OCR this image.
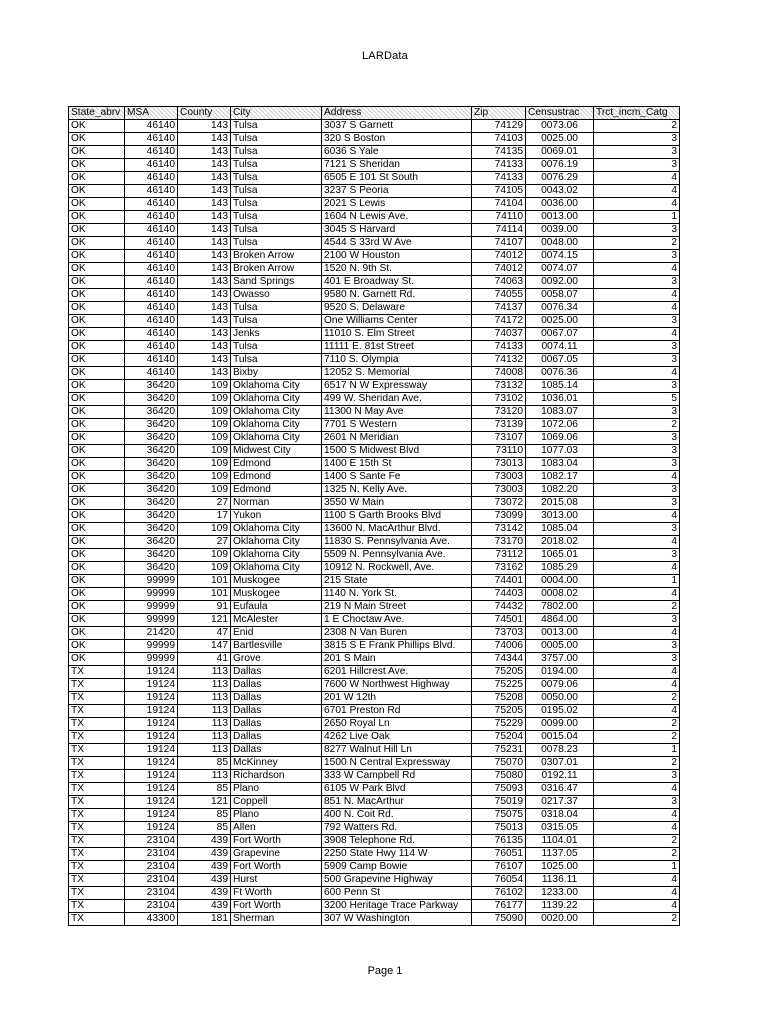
LARData
State_abrv	MSA	County	City	Address	Zip	Censustrac	Trct_incm_Catg
OK	46140	143	Tulsa	3037 S Garnett	74129	0073.06	2
OK	46140	143	Tulsa	320 S Boston	74103	0025.00	3
OK	46140	143	Tulsa	6036 S Yale	74135	0069.01	3
OK	46140	143	Tulsa	7121 S Sheridan	74133	0076.19	3
OK	46140	143	Tulsa	6505 E 101 St South	74133	0076.29	4
OK	46140	143	Tulsa	3237 S Peoria	74105	0043.02	4
OK	46140	143	Tulsa	2021 S Lewis	74104	0036.00	4
OK	46140	143	Tulsa	1604 N Lewis Ave.	74110	0013.00	1
OK	46140	143	Tulsa	3045 S Harvard	74114	0039.00	3
OK	46140	143	Tulsa	4544 S 33rd W Ave	74107	0048.00	2
OK	46140	143	Broken Arrow	2100 W Houston	74012	0074.15	3
OK	46140	143	Broken Arrow	1520 N. 9th St.	74012	0074.07	4
OK	46140	143	Sand Springs	401 E Broadway St.	74063	0092.00	3
OK	46140	143	Owasso	9580 N. Garnett Rd.	74055	0058.07	4
OK	46140	143	Tulsa	9520 S. Delaware	74137	0076.34	4
OK	46140	143	Tulsa	One Williams Center	74172	0025.00	3
OK	46140	143	Jenks	11010 S. Elm Street	74037	0067.07	4
OK	46140	143	Tulsa	11111 E. 81st Street	74133	0074.11	3
OK	46140	143	Tulsa	7110 S. Olympia	74132	0067.05	3
OK	46140	143	Bixby	12052 S. Memorial	74008	0076.36	4
OK	36420	109	Oklahoma City	6517 N W Expressway	73132	1085.14	3
OK	36420	109	Oklahoma City	499 W. Sheridan Ave.	73102	1036.01	5
OK	36420	109	Oklahoma City	11300 N May Ave	73120	1083.07	3
OK	36420	109	Oklahoma City	7701 S Western	73139	1072.06	2
OK	36420	109	Oklahoma City	2601 N Meridian	73107	1069.06	3
OK	36420	109	Midwest City	1500 S Midwest Blvd	73110	1077.03	3
OK	36420	109	Edmond	1400 E 15th St	73013	1083.04	3
OK	36420	109	Edmond	1400 S Sante Fe	73003	1082.17	4
OK	36420	109	Edmond	1325 N. Kelly Ave.	73003	1082.20	3
OK	36420	27	Norman	3550 W Main	73072	2015.08	3
OK	36420	17	Yukon	1100 S Garth Brooks Blvd	73099	3013.00	4
OK	36420	109	Oklahoma City	13600 N. MacArthur Blvd.	73142	1085.04	3
OK	36420	27	Oklahoma City	11830 S. Pennsylvania Ave.	73170	2018.02	4
OK	36420	109	Oklahoma City	5509 N. Pennsylvania Ave.	73112	1065.01	3
OK	36420	109	Oklahoma City	10912 N. Rockwell, Ave.	73162	1085.29	4
OK	99999	101	Muskogee	215 State	74401	0004.00	1
OK	99999	101	Muskogee	1140 N. York St.	74403	0008.02	4
OK	99999	91	Eufaula	219 N Main Street	74432	7802.00	2
OK	99999	121	McAlester	1 E Choctaw Ave.	74501	4864.00	3
OK	21420	47	Enid	2308 N Van Buren	73703	0013.00	4
OK	99999	147	Bartlesville	3815 S E Frank Phillips Blvd.	74006	0005.00	3
OK	99999	41	Grove	201 S Main	74344	3757.00	3
TX	19124	113	Dallas	6201 Hillcrest Ave.	75205	0194.00	4
TX	19124	113	Dallas	7600 W Northwest Highway	75225	0079.06	4
TX	19124	113	Dallas	201 W 12th	75208	0050.00	2
TX	19124	113	Dallas	6701 Preston Rd	75205	0195.02	4
TX	19124	113	Dallas	2650 Royal Ln	75229	0099.00	2
TX	19124	113	Dallas	4262 Live Oak	75204	0015.04	2
TX	19124	113	Dallas	8277 Walnut Hill Ln	75231	0078.23	1
TX	19124	85	McKinney	1500 N Central Expressway	75070	0307.01	2
TX	19124	113	Richardson	333 W Campbell Rd	75080	0192.11	3
TX	19124	85	Plano	6105 W Park Blvd	75093	0316.47	4
TX	19124	121	Coppell	851 N. MacArthur	75019	0217.37	3
TX	19124	85	Plano	400 N. Coit Rd.	75075	0318.04	4
TX	19124	85	Allen	792 Watters Rd.	75013	0315.05	4
TX	23104	439	Fort Worth	3908 Telephone Rd.	76135	1104.01	2
TX	23104	439	Grapevine	2250 State Hwy 114 W	76051	1137.05	2
TX	23104	439	Fort Worth	5909 Camp Bowie	76107	1025.00	1
TX	23104	439	Hurst	500 Grapevine Highway	76054	1136.11	4
TX	23104	439	Ft Worth	600 Penn St	76102	1233.00	4
TX	23104	439	Fort Worth	3200 Heritage Trace Parkway	76177	1139.22	4
TX	43300	181	Sherman	307 W Washington	75090	0020.00	2
Page 1
